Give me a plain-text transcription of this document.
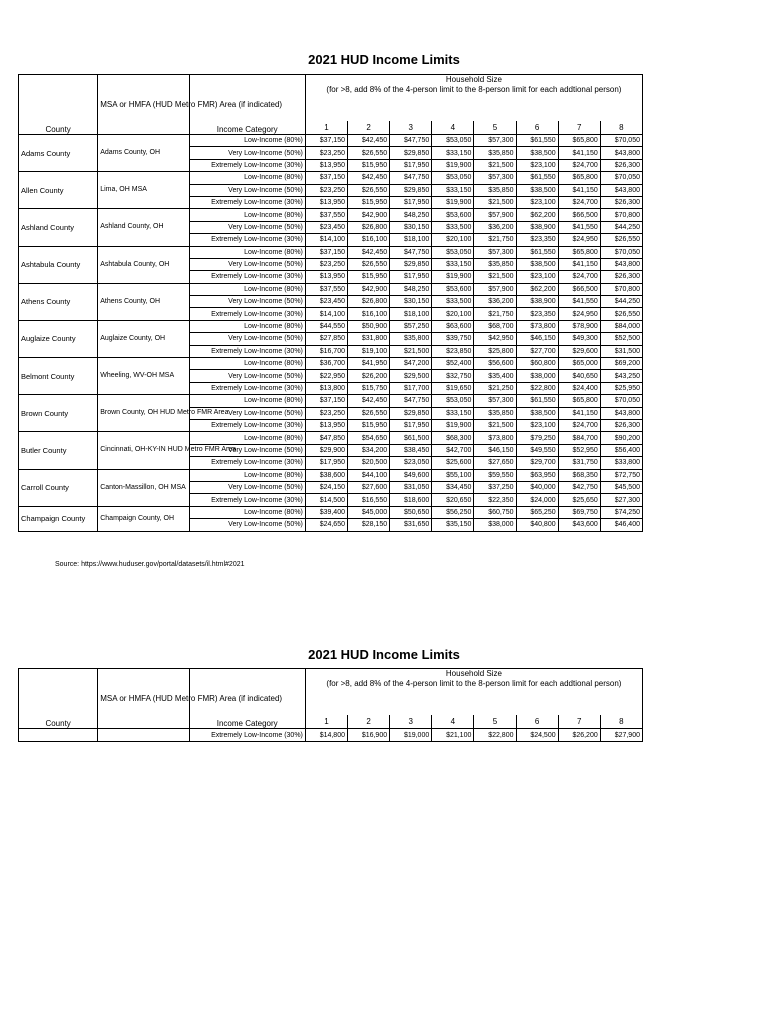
2021 HUD Income Limits
County	MSA or HMFA (HUD Metro FMR) Area (if indicated)	Income Category	Household Size
(for >8, add 8% of the 4-person limit to the 8-person limit for each addtional person)							

			1	2	3	4	5	6	7	8
Adams County	Adams County, OH	Low-Income (80%)	$37,150	$42,450	$47,750	$53,050	$57,300	$61,550	$65,800	$70,050
		Very Low-Income (50%)	$23,250	$26,550	$29,850	$33,150	$35,850	$38,500	$41,150	$43,800
		Extremely Low-Income (30%)	$13,950	$15,950	$17,950	$19,900	$21,500	$23,100	$24,700	$26,300
Allen County	Lima, OH MSA	Low-Income (80%)	$37,150	$42,450	$47,750	$53,050	$57,300	$61,550	$65,800	$70,050
		Very Low-Income (50%)	$23,250	$26,550	$29,850	$33,150	$35,850	$38,500	$41,150	$43,800
		Extremely Low-Income (30%)	$13,950	$15,950	$17,950	$19,900	$21,500	$23,100	$24,700	$26,300
Ashland County	Ashland County, OH	Low-Income (80%)	$37,550	$42,900	$48,250	$53,600	$57,900	$62,200	$66,500	$70,800
		Very Low-Income (50%)	$23,450	$26,800	$30,150	$33,500	$36,200	$38,900	$41,550	$44,250
		Extremely Low-Income (30%)	$14,100	$16,100	$18,100	$20,100	$21,750	$23,350	$24,950	$26,550
Ashtabula County	Ashtabula County, OH	Low-Income (80%)	$37,150	$42,450	$47,750	$53,050	$57,300	$61,550	$65,800	$70,050
		Very Low-Income (50%)	$23,250	$26,550	$29,850	$33,150	$35,850	$38,500	$41,150	$43,800
		Extremely Low-Income (30%)	$13,950	$15,950	$17,950	$19,900	$21,500	$23,100	$24,700	$26,300
Athens County	Athens County, OH	Low-Income (80%)	$37,550	$42,900	$48,250	$53,600	$57,900	$62,200	$66,500	$70,800
		Very Low-Income (50%)	$23,450	$26,800	$30,150	$33,500	$36,200	$38,900	$41,550	$44,250
		Extremely Low-Income (30%)	$14,100	$16,100	$18,100	$20,100	$21,750	$23,350	$24,950	$26,550
Auglaize County	Auglaize County, OH	Low-Income (80%)	$44,550	$50,900	$57,250	$63,600	$68,700	$73,800	$78,900	$84,000
		Very Low-Income (50%)	$27,850	$31,800	$35,800	$39,750	$42,950	$46,150	$49,300	$52,500
		Extremely Low-Income (30%)	$16,700	$19,100	$21,500	$23,850	$25,800	$27,700	$29,600	$31,500
Belmont County	Wheeling, WV-OH MSA	Low-Income (80%)	$36,700	$41,950	$47,200	$52,400	$56,600	$60,800	$65,000	$69,200
		Very Low-Income (50%)	$22,950	$26,200	$29,500	$32,750	$35,400	$38,000	$40,650	$43,250
		Extremely Low-Income (30%)	$13,800	$15,750	$17,700	$19,650	$21,250	$22,800	$24,400	$25,950
Brown County	Brown County, OH HUD Metro FMR Area	Low-Income (80%)	$37,150	$42,450	$47,750	$53,050	$57,300	$61,550	$65,800	$70,050
		Very Low-Income (50%)	$23,250	$26,550	$29,850	$33,150	$35,850	$38,500	$41,150	$43,800
		Extremely Low-Income (30%)	$13,950	$15,950	$17,950	$19,900	$21,500	$23,100	$24,700	$26,300
Butler County	Cincinnati, OH-KY-IN HUD Metro FMR Area	Low-Income (80%)	$47,850	$54,650	$61,500	$68,300	$73,800	$79,250	$84,700	$90,200
		Very Low-Income (50%)	$29,900	$34,200	$38,450	$42,700	$46,150	$49,550	$52,950	$56,400
		Extremely Low-Income (30%)	$17,950	$20,500	$23,050	$25,600	$27,650	$29,700	$31,750	$33,800
Carroll County	Canton-Massillon, OH MSA	Low-Income (80%)	$38,600	$44,100	$49,600	$55,100	$59,550	$63,950	$68,350	$72,750
		Very Low-Income (50%)	$24,150	$27,600	$31,050	$34,450	$37,250	$40,000	$42,750	$45,500
		Extremely Low-Income (30%)	$14,500	$16,550	$18,600	$20,650	$22,350	$24,000	$25,650	$27,300
Champaign County	Champaign County, OH	Low-Income (80%)	$39,400	$45,000	$50,650	$56,250	$60,750	$65,250	$69,750	$74,250
		Very Low-Income (50%)	$24,650	$28,150	$31,650	$35,150	$38,000	$40,800	$43,600	$46,400
Source: https://www.huduser.gov/portal/datasets/il.html#2021
2021 HUD Income Limits
County	MSA or HMFA (HUD Metro FMR) Area (if indicated)	Income Category	Household Size
(for >8, add 8% of the 4-person limit to the 8-person limit for each addtional person)							

			1	2	3	4	5	6	7	8
		Extremely Low-Income (30%)	$14,800	$16,900	$19,000	$21,100	$22,800	$24,500	$26,200	$27,900
